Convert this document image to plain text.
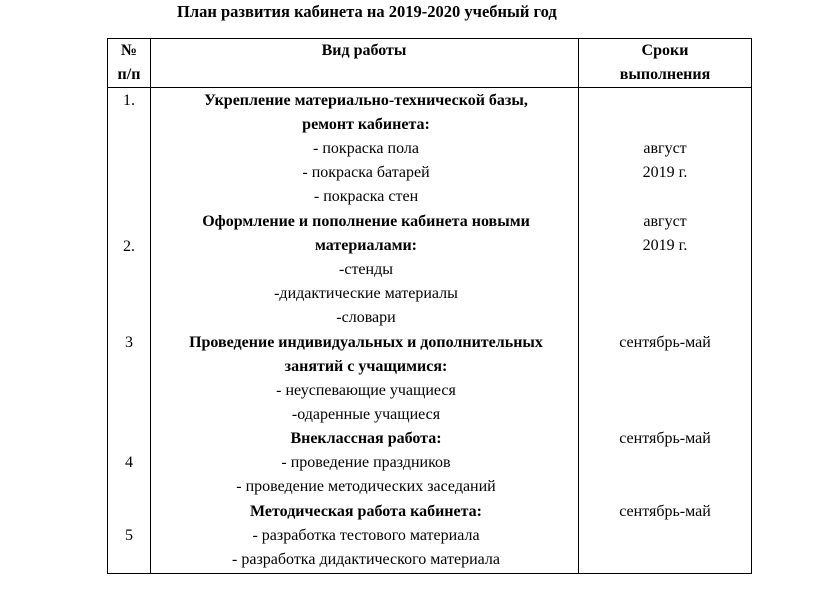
План развития кабинета на 2019-2020 учебный год
№
п/п
Вид работы	Сроки
выполнения
1.
2.
3
4
5
Укрепление материально-технической базы,
ремонт кабинета:
- покраска пола
- покраска батарей
- покраска стен
Оформление и пополнение кабинета новыми
материалами:
-стенды
-дидактические материалы
-словари
Проведение индивидуальных и дополнительных
занятий с учащимися:
- неуспевающие учащиеся
-одаренные учащиеся
Внеклассная работа:
- проведение праздников
- проведение методических заседаний
Методическая работа кабинета:
- разработка тестового материала
- разработка дидактического материала
август
2019 г.
август
2019 г.
сентябрь-май
сентябрь-май
сентябрь-май
